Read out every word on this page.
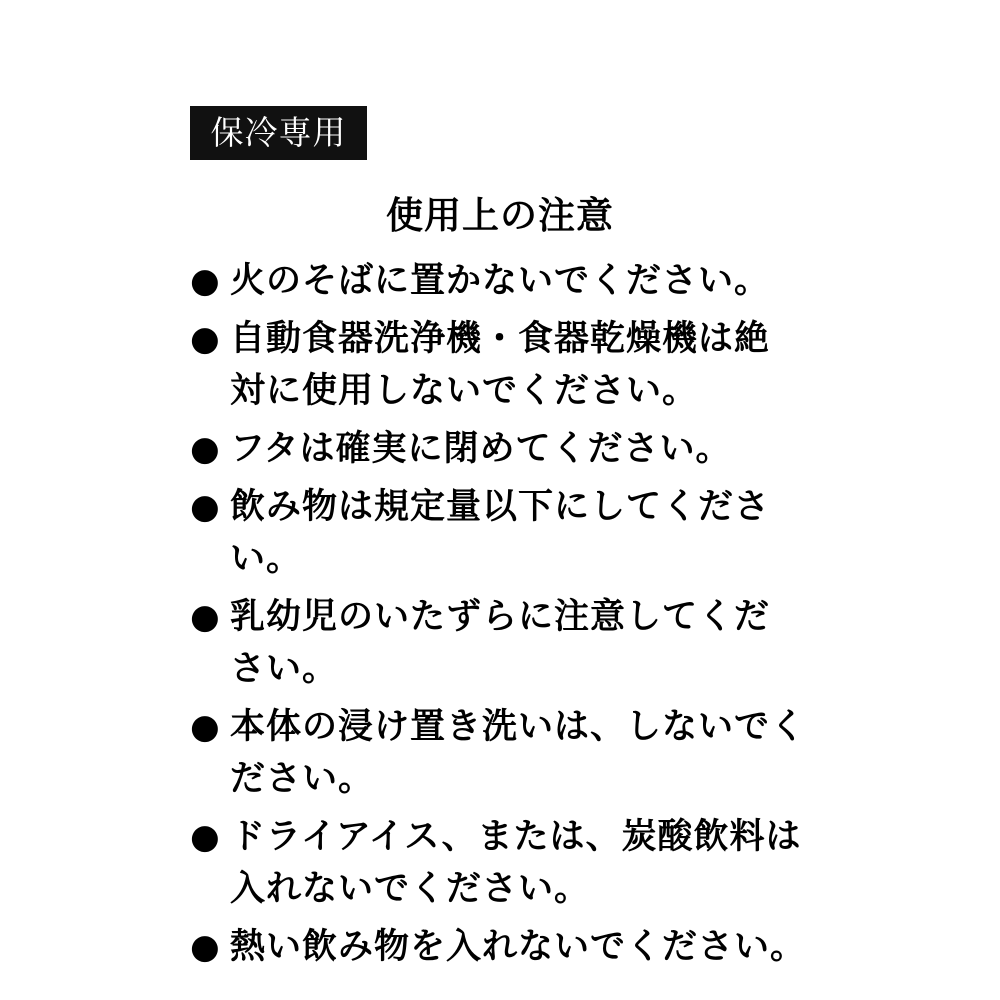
保冷専用
使用上の注意
● 火のそばに置かないでください。

● 自動食器洗浄機・食器乾燥機は絶
対に使用しないでください。

● フタは確実に閉めてください。

● 飲み物は規定量以下にしてください。

● 乳幼児のいたずらに注意してくだ
さい。

● 本体の浸け置き洗いは、しないでく
ださい。

● ドライアイス、または、炭酸飲料は
入れないでください。

● 熱い飲み物を入れないでください。
